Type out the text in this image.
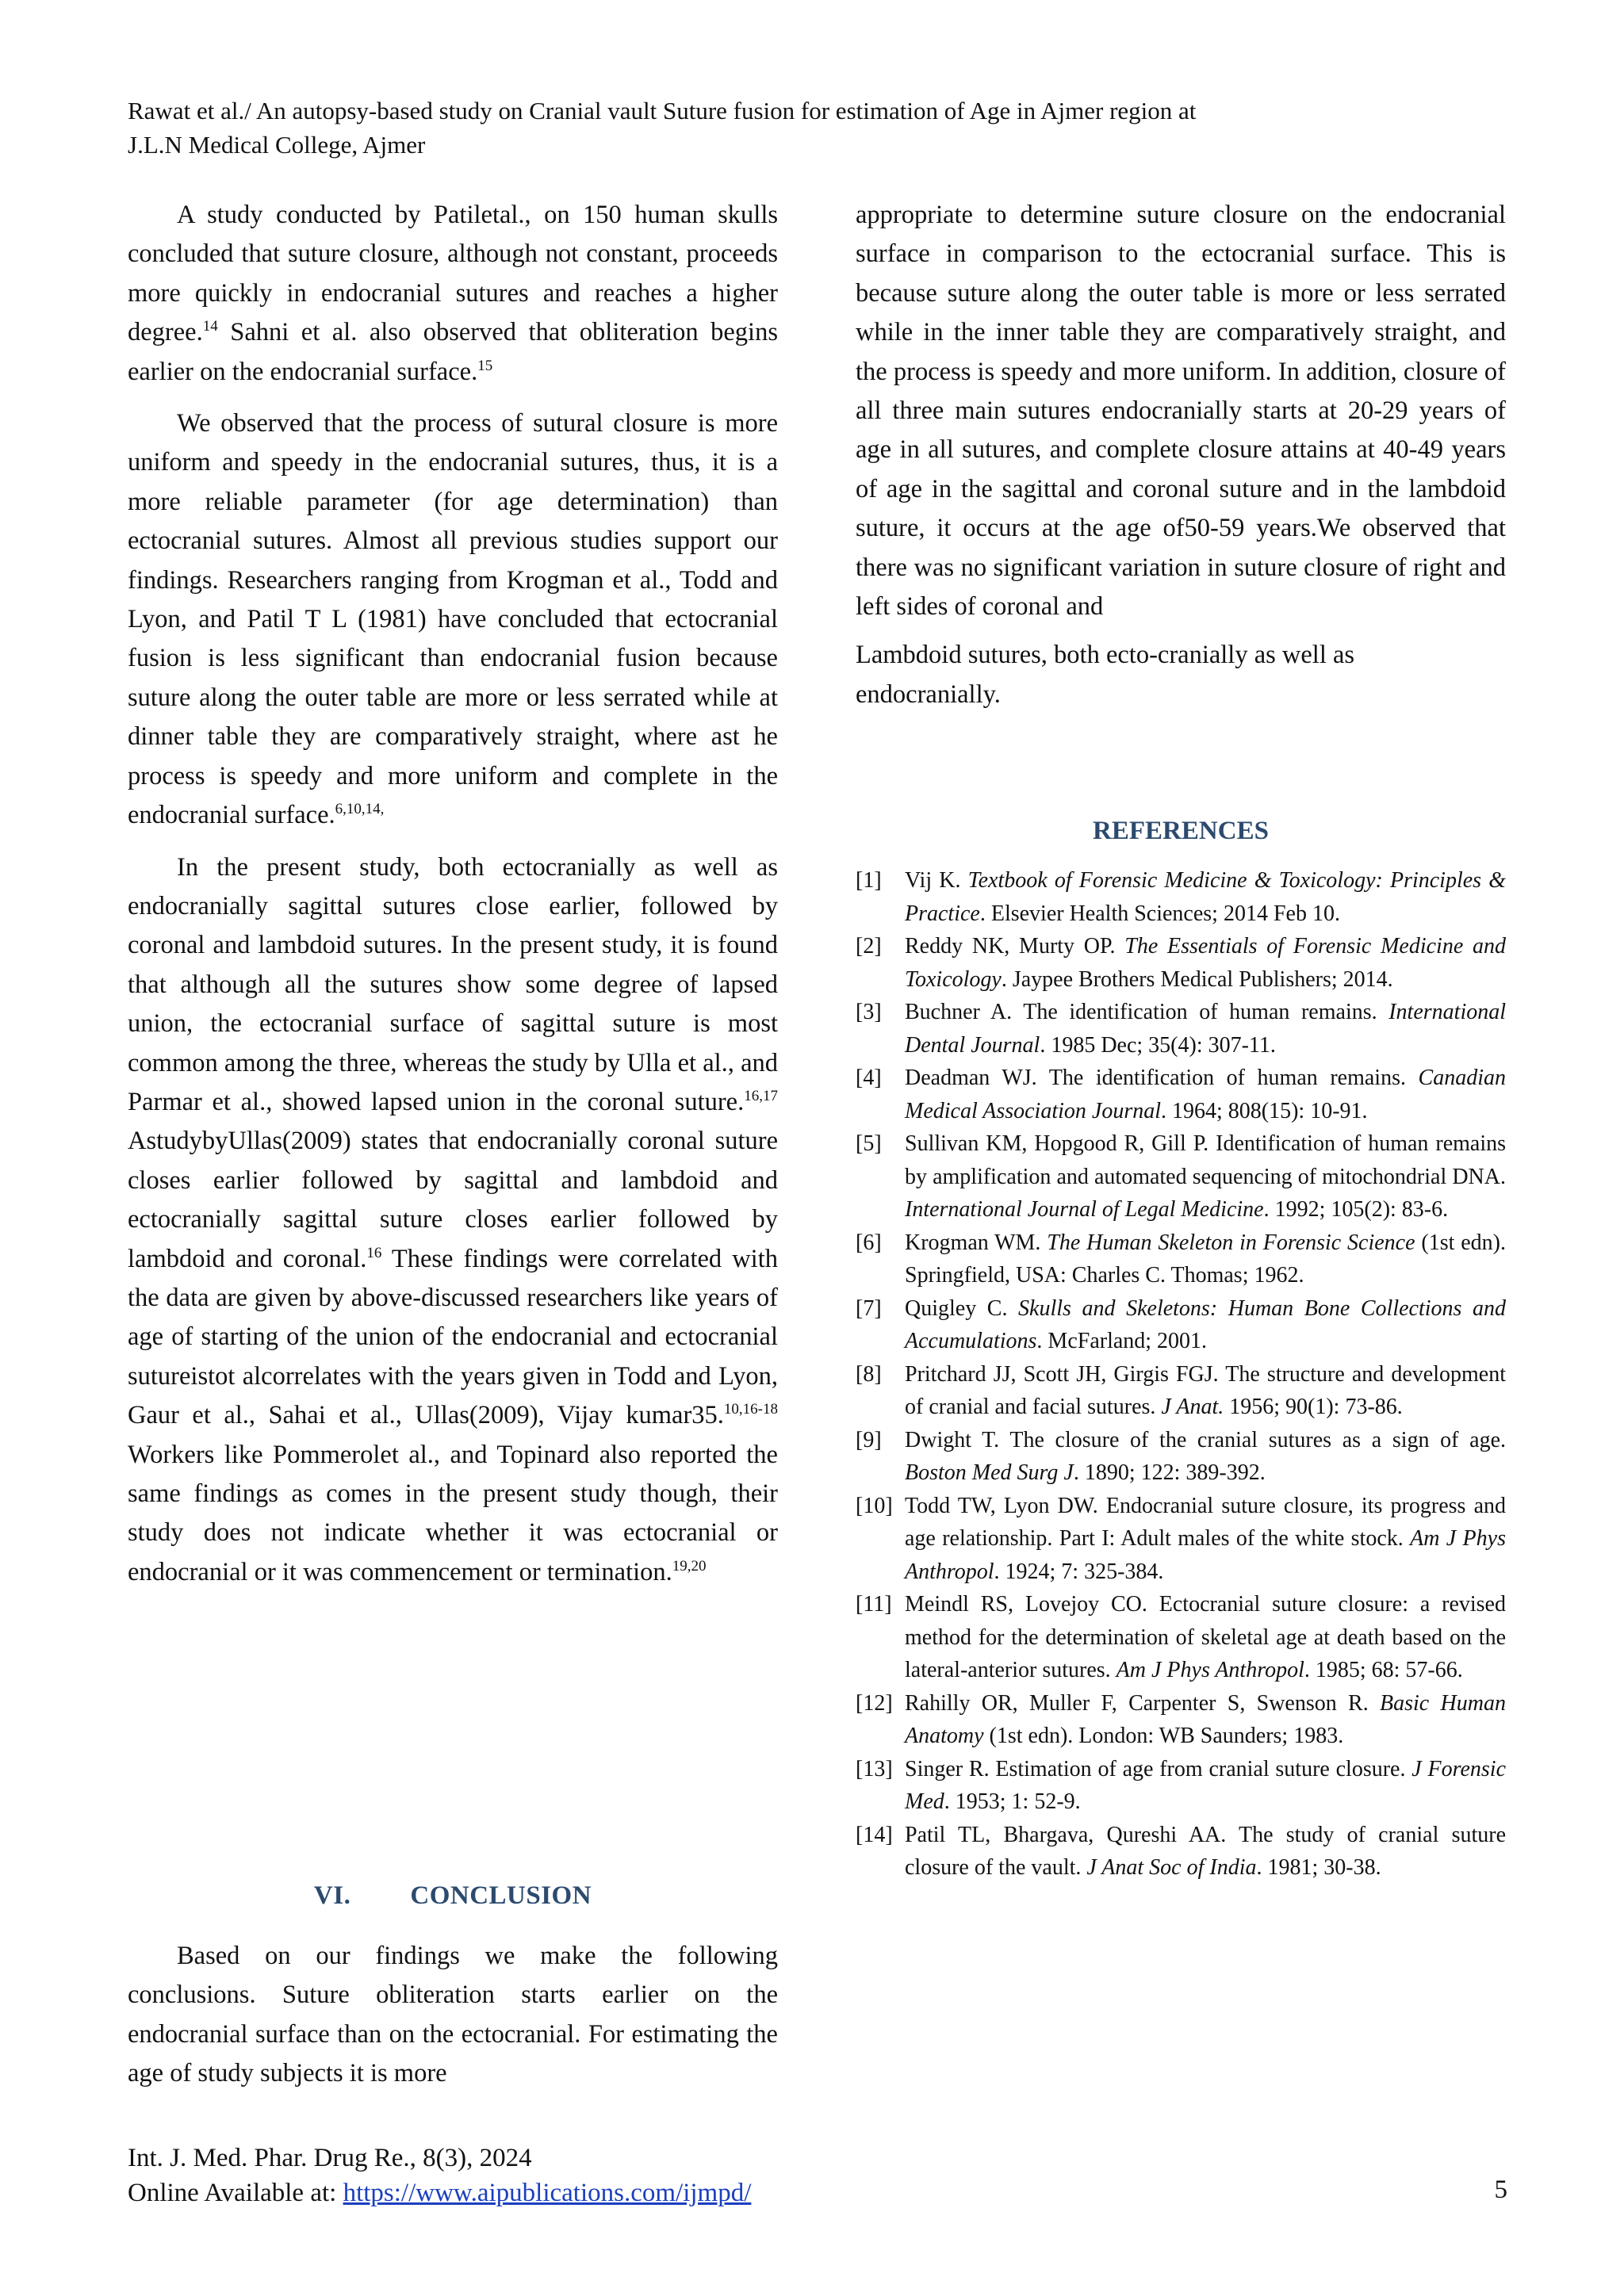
Rawat et al./ An autopsy-based study on Cranial vault Suture fusion for estimation of Age in Ajmer region at
J.L.N Medical College, Ajmer

A study conducted by Patiletal., on 150 human skulls concluded that suture closure, although not constant, proceeds more quickly in endocranial sutures and reaches a higher degree.$^{14}$ Sahni et al. also observed that obliteration begins earlier on the endocranial surface.$^{15}$

We observed that the process of sutural closure is more uniform and speedy in the endocranial sutures, thus, it is a more reliable parameter (for age determination) than ectocranial sutures. Almost all previous studies support our findings. Researchers ranging from Krogman et al., Todd and Lyon, and Patil T L (1981) have concluded that ectocranial fusion is less significant than endocranial fusion because suture along the outer table are more or less serrated while at dinner table they are comparatively straight, where ast he process is speedy and more uniform and complete in the endocranial surface.$^{6,10,14,}$

In the present study, both ectocranially as well as endocranially sagittal sutures close earlier, followed by coronal and lambdoid sutures. In the present study, it is found that although all the sutures show some degree of lapsed union, the ectocranial surface of sagittal suture is most common among the three, whereas the study by Ulla et al., and Parmar et al., showed lapsed union in the coronal suture.$^{16,17}$ AstudybyUllas(2009) states that endocranially coronal suture closes earlier followed by sagittal and lambdoid and ectocranially sagittal suture closes earlier followed by lambdoid and coronal.$^{16}$ These findings were correlated with the data are given by above-discussed researchers like years of age of starting of the union of the endocranial and ectocranial sutureistot alcorrelates with the years given in Todd and Lyon, Gaur et al., Sahai et al., Ullas(2009), Vijay kumar35.$^{10,16-18}$ Workers like Pommerolet al., and Topinard also reported the same findings as comes in the present study though, their study does not indicate whether it was ectocranial or endocranial or it was commencement or termination.$^{19,20}$

VI. CONCLUSION

Based on our findings we make the following conclusions. Suture obliteration starts earlier on the endocranial surface than on the ectocranial. For estimating the age of study subjects it is more

appropriate to determine suture closure on the endocranial surface in comparison to the ectocranial surface. This is because suture along the outer table is more or less serrated while in the inner table they are comparatively straight, and the process is speedy and more uniform. In addition, closure of all three main sutures endocranially starts at 20-29 years of age in all sutures, and complete closure attains at 40-49 years of age in the sagittal and coronal suture and in the lambdoid suture, it occurs at the age of50-59 years.We observed that there was no significant variation in suture closure of right and left sides of coronal and

Lambdoid sutures, both ecto-cranially as well as endocranially.

REFERENCES
[1] Vij K. Textbook of Forensic Medicine & Toxicology: Principles & Practice. Elsevier Health Sciences; 2014 Feb 10.
[2] Reddy NK, Murty OP. The Essentials of Forensic Medicine and Toxicology. Jaypee Brothers Medical Publishers; 2014.
[3] Buchner A. The identification of human remains. International Dental Journal. 1985 Dec; 35(4): 307-11.
[4] Deadman WJ. The identification of human remains. Canadian Medical Association Journal. 1964; 808(15): 10-91.
[5] Sullivan KM, Hopgood R, Gill P. Identification of human remains by amplification and automated sequencing of mitochondrial DNA. International Journal of Legal Medicine. 1992; 105(2): 83-6.
[6] Krogman WM. The Human Skeleton in Forensic Science (1st edn). Springfield, USA: Charles C. Thomas; 1962.
[7] Quigley C. Skulls and Skeletons: Human Bone Collections and Accumulations. McFarland; 2001.
[8] Pritchard JJ, Scott JH, Girgis FGJ. The structure and development of cranial and facial sutures. J Anat. 1956; 90(1): 73-86.
[9] Dwight T. The closure of the cranial sutures as a sign of age. Boston Med Surg J. 1890; 122: 389-392.
[10] Todd TW, Lyon DW. Endocranial suture closure, its progress and age relationship. Part I: Adult males of the white stock. Am J Phys Anthropol. 1924; 7: 325-384.
[11] Meindl RS, Lovejoy CO. Ectocranial suture closure: a revised method for the determination of skeletal age at death based on the lateral-anterior sutures. Am J Phys Anthropol. 1985; 68: 57-66.
[12] Rahilly OR, Muller F, Carpenter S, Swenson R. Basic Human Anatomy (1st edn). London: WB Saunders; 1983.
[13] Singer R. Estimation of age from cranial suture closure. J Forensic Med. 1953; 1: 52-9.
[14] Patil TL, Bhargava, Qureshi AA. The study of cranial suture closure of the vault. J Anat Soc of India. 1981; 30-38.
Int. J. Med. Phar. Drug Re., 8(3), 2024
Online Available at: https://www.aipublications.com/ijmpd/	5
